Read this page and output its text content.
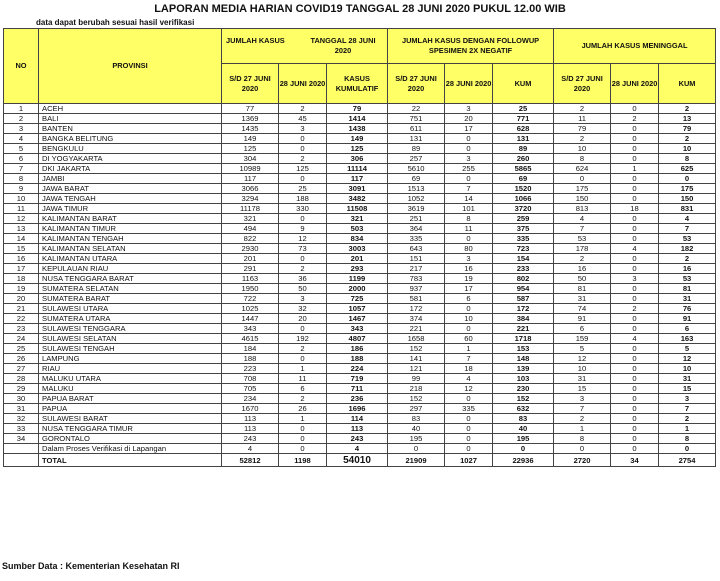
LAPORAN MEDIA HARIAN COVID19 TANGGAL 28 JUNI 2020 PUKUL 12.00 WIB
data dapat berubah sesuai hasil verifikasi
NO	PROVINSI	JUMLAH KASUS TANGGAL 28 JUNI 2020			JUMLAH KASUS DENGAN FOLLOWUP SPESIMEN 2X NEGATIF			JUMLAH KASUS MENINGGAL		
		S/D 27 JUNI 2020	28 JUNI 2020	KASUS KUMULATIF	S/D 27 JUNI 2020	28 JUNI 2020	KUM	S/D 27 JUNI 2020	28 JUNI 2020	KUM
1	ACEH	77	2	79	22	3	25	2	0	2
2	BALI	1369	45	1414	751	20	771	11	2	13
3	BANTEN	1435	3	1438	611	17	628	79	0	79
4	BANGKA BELITUNG	149	0	149	131	0	131	2	0	2
5	BENGKULU	125	0	125	89	0	89	10	0	10
6	DI YOGYAKARTA	304	2	306	257	3	260	8	0	8
7	DKI JAKARTA	10989	125	11114	5610	255	5865	624	1	625
8	JAMBI	117	0	117	69	0	69	0	0	0
9	JAWA BARAT	3066	25	3091	1513	7	1520	175	0	175
10	JAWA TENGAH	3294	188	3482	1052	14	1066	150	0	150
11	JAWA TIMUR	11178	330	11508	3619	101	3720	813	18	831
12	KALIMANTAN BARAT	321	0	321	251	8	259	4	0	4
13	KALIMANTAN TIMUR	494	9	503	364	11	375	7	0	7
14	KALIMANTAN TENGAH	822	12	834	335	0	335	53	0	53
15	KALIMANTAN SELATAN	2930	73	3003	643	80	723	178	4	182
16	KALIMANTAN UTARA	201	0	201	151	3	154	2	0	2
17	KEPULAUAN RIAU	291	2	293	217	16	233	16	0	16
18	NUSA TENGGARA BARAT	1163	36	1199	783	19	802	50	3	53
19	SUMATERA SELATAN	1950	50	2000	937	17	954	81	0	81
20	SUMATERA BARAT	722	3	725	581	6	587	31	0	31
21	SULAWESI UTARA	1025	32	1057	172	0	172	74	2	76
22	SUMATERA UTARA	1447	20	1467	374	10	384	91	0	91
23	SULAWESI TENGGARA	343	0	343	221	0	221	6	0	6
24	SULAWESI SELATAN	4615	192	4807	1658	60	1718	159	4	163
25	SULAWESI TENGAH	184	2	186	152	1	153	5	0	5
26	LAMPUNG	188	0	188	141	7	148	12	0	12
27	RIAU	223	1	224	121	18	139	10	0	10
28	MALUKU UTARA	708	11	719	99	4	103	31	0	31
29	MALUKU	705	6	711	218	12	230	15	0	15
30	PAPUA BARAT	234	2	236	152	0	152	3	0	3
31	PAPUA	1670	26	1696	297	335	632	7	0	7
32	SULAWESI BARAT	113	1	114	83	0	83	2	0	2
33	NUSA TENGGARA TIMUR	113	0	113	40	0	40	1	0	1
34	GORONTALO	243	0	243	195	0	195	8	0	8
	Dalam Proses Verifikasi di Lapangan	4	0	4	0	0	0	0	0	0
	TOTAL	52812	1198	54010	21909	1027	22936	2720	34	2754
Sumber Data : Kementerian Kesehatan RI
